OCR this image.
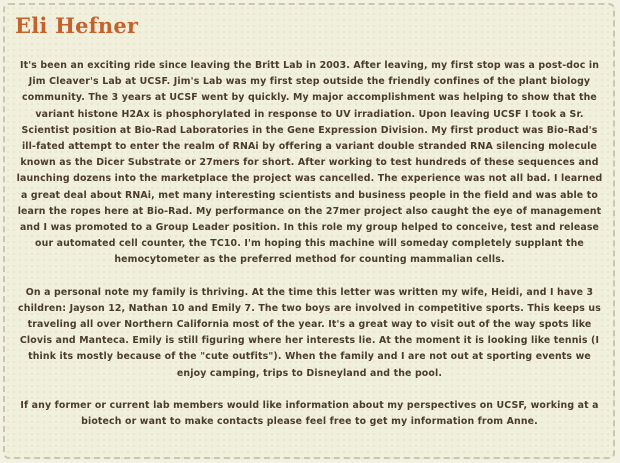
Eli Hefner

It's been an exciting ride since leaving the Britt Lab in 2003. After leaving, my first stop was a post-doc in Jim Cleaver's Lab at UCSF. Jim's Lab was my first step outside the friendly confines of the plant biology community. The 3 years at UCSF went by quickly. My major accomplishment was helping to show that the variant histone H2Ax is phosphorylated in response to UV irradiation. Upon leaving UCSF I took a Sr. Scientist position at Bio-Rad Laboratories in the Gene Expression Division. My first product was Bio-Rad's ill-fated attempt to enter the realm of RNAi by offering a variant double stranded RNA silencing molecule known as the Dicer Substrate or 27mers for short. After working to test hundreds of these sequences and launching dozens into the marketplace the project was cancelled. The experience was not all bad. I learned a great deal about RNAi, met many interesting scientists and business people in the field and was able to learn the ropes here at Bio-Rad. My performance on the 27mer project also caught the eye of management and I was promoted to a Group Leader position. In this role my group helped to conceive, test and release our automated cell counter, the TC10. I'm hoping this machine will someday completely supplant the hemocytometer as the preferred method for counting mammalian cells.

On a personal note my family is thriving. At the time this letter was written my wife, Heidi, and I have 3 children: Jayson 12, Nathan 10 and Emily 7. The two boys are involved in competitive sports. This keeps us traveling all over Northern California most of the year. It's a great way to visit out of the way spots like Clovis and Manteca. Emily is still figuring where her interests lie. At the moment it is looking like tennis (I think its mostly because of the "cute outfits"). When the family and I are not out at sporting events we enjoy camping, trips to Disneyland and the pool.

If any former or current lab members would like information about my perspectives on UCSF, working at a biotech or want to make contacts please feel free to get my information from Anne.
